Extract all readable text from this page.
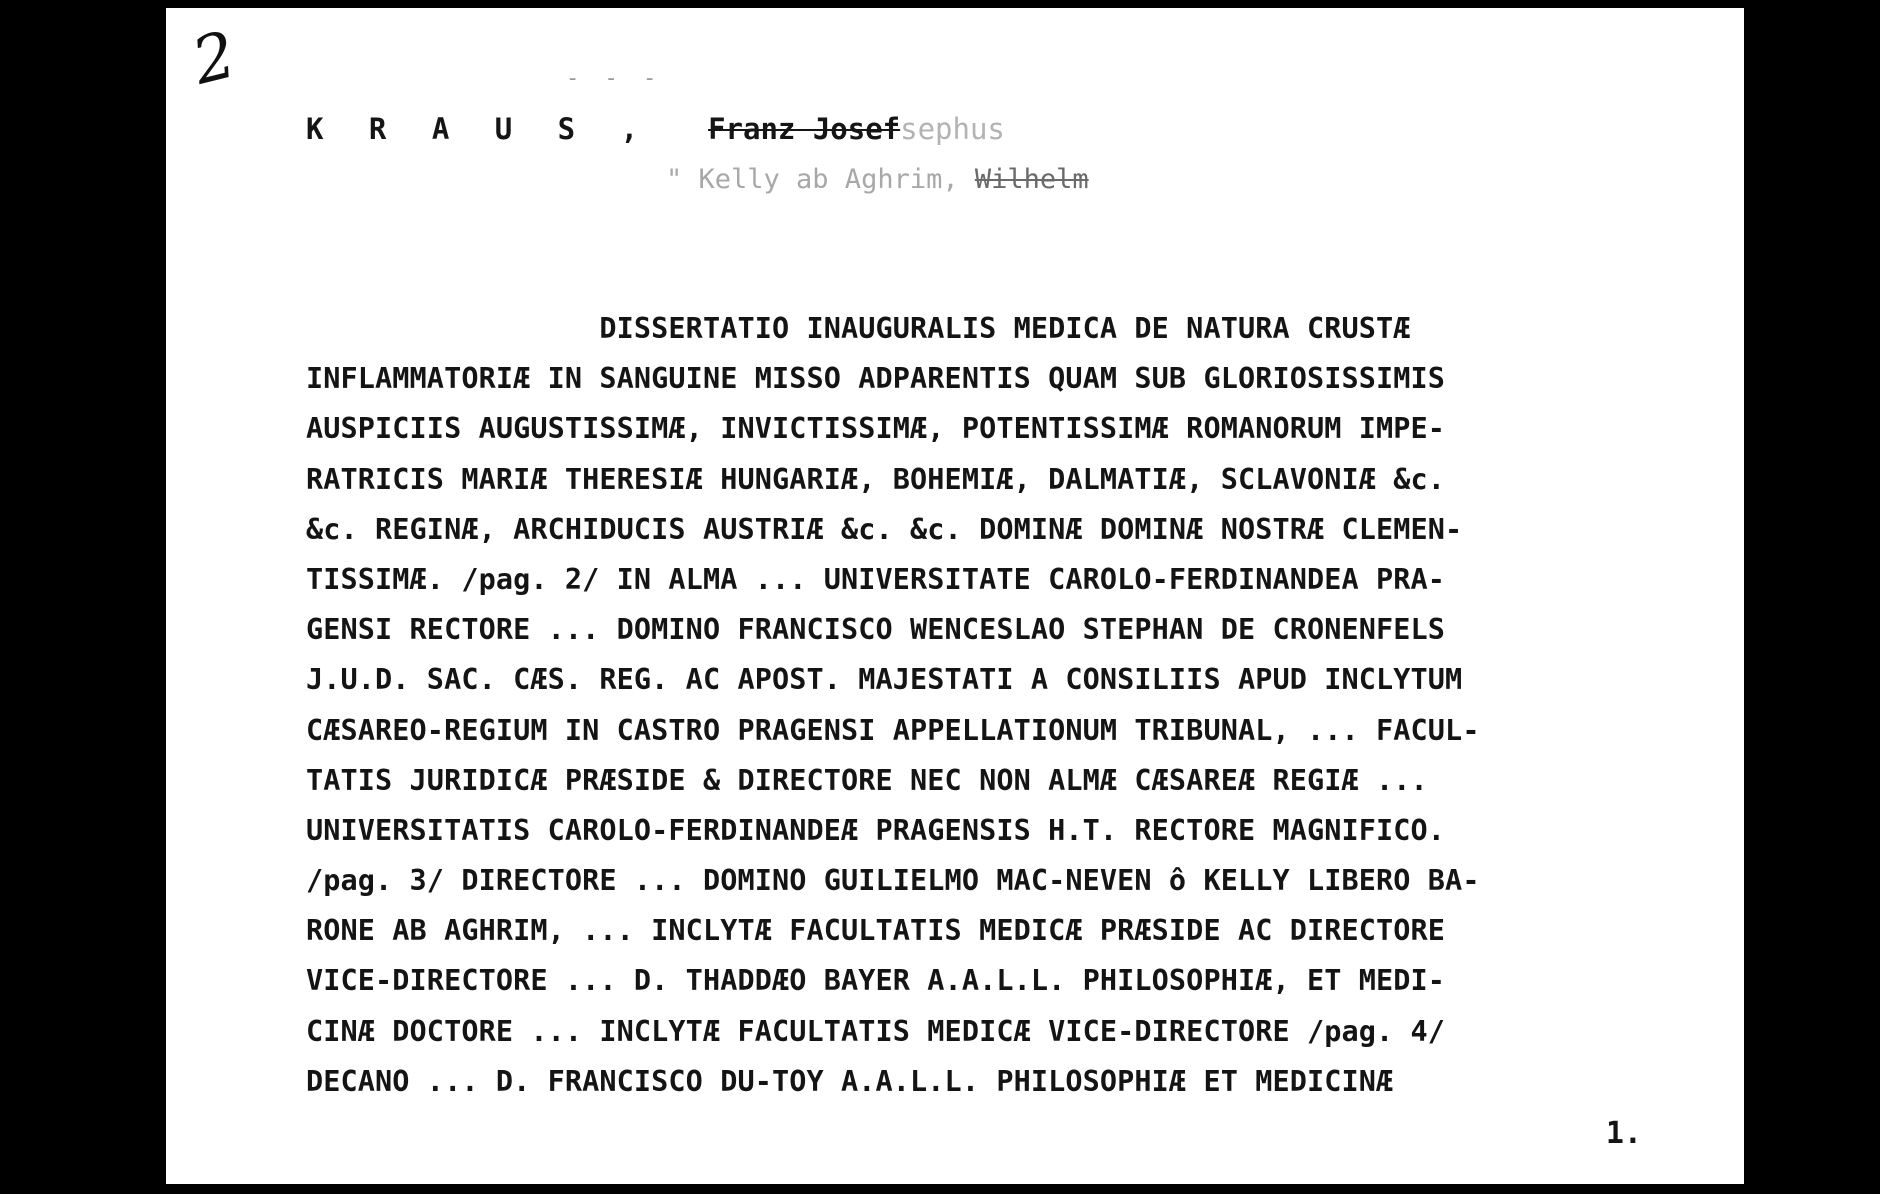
2	- - -
K R A U S , Franz Josefsephus
" Kelly ab Aghrim, Wilhelm
DISSERTATIO INAUGURALIS MEDICA DE NATURA CRUSTÆ
INFLAMMATORIÆ IN SANGUINE MISSO ADPARENTIS QUAM SUB GLORIOSISSIMIS
AUSPICIIS AUGUSTISSIMÆ, INVICTISSIMÆ, POTENTISSIMÆ ROMANORUM IMPE-
RATRICIS MARIÆ THERESIÆ HUNGARIÆ, BOHEMIÆ, DALMATIÆ, SCLAVONIÆ &c.
&c. REGINÆ, ARCHIDUCIS AUSTRIÆ &c. &c. DOMINÆ DOMINÆ NOSTRÆ CLEMEN-
TISSIMÆ. /pag. 2/ IN ALMA ... UNIVERSITATE CAROLO-FERDINANDEA PRA-
GENSI RECTORE ... DOMINO FRANCISCO WENCESLAO STEPHAN DE CRONENFELS
J.U.D. SAC. CÆS. REG. AC APOST. MAJESTATI A CONSILIIS APUD INCLYTUM
CÆSAREO-REGIUM IN CASTRO PRAGENSI APPELLATIONUM TRIBUNAL, ... FACUL-
TATIS JURIDICÆ PRÆSIDE & DIRECTORE NEC NON ALMÆ CÆSAREÆ REGIÆ ...
UNIVERSITATIS CAROLO-FERDINANDEÆ PRAGENSIS H.T. RECTORE MAGNIFICO.
/pag. 3/ DIRECTORE ... DOMINO GUILIELMO MAC-NEVEN ô KELLY LIBERO BA-
RONE AB AGHRIM, ... INCLYTÆ FACULTATIS MEDICÆ PRÆSIDE AC DIRECTORE
VICE-DIRECTORE ... D. THADDÆO BAYER A.A.L.L. PHILOSOPHIÆ, ET MEDI-
CINÆ DOCTORE ... INCLYTÆ FACULTATIS MEDICÆ VICE-DIRECTORE /pag. 4/
DECANO ... D. FRANCISCO DU-TOY A.A.L.L. PHILOSOPHIÆ ET MEDICINÆ
1.
